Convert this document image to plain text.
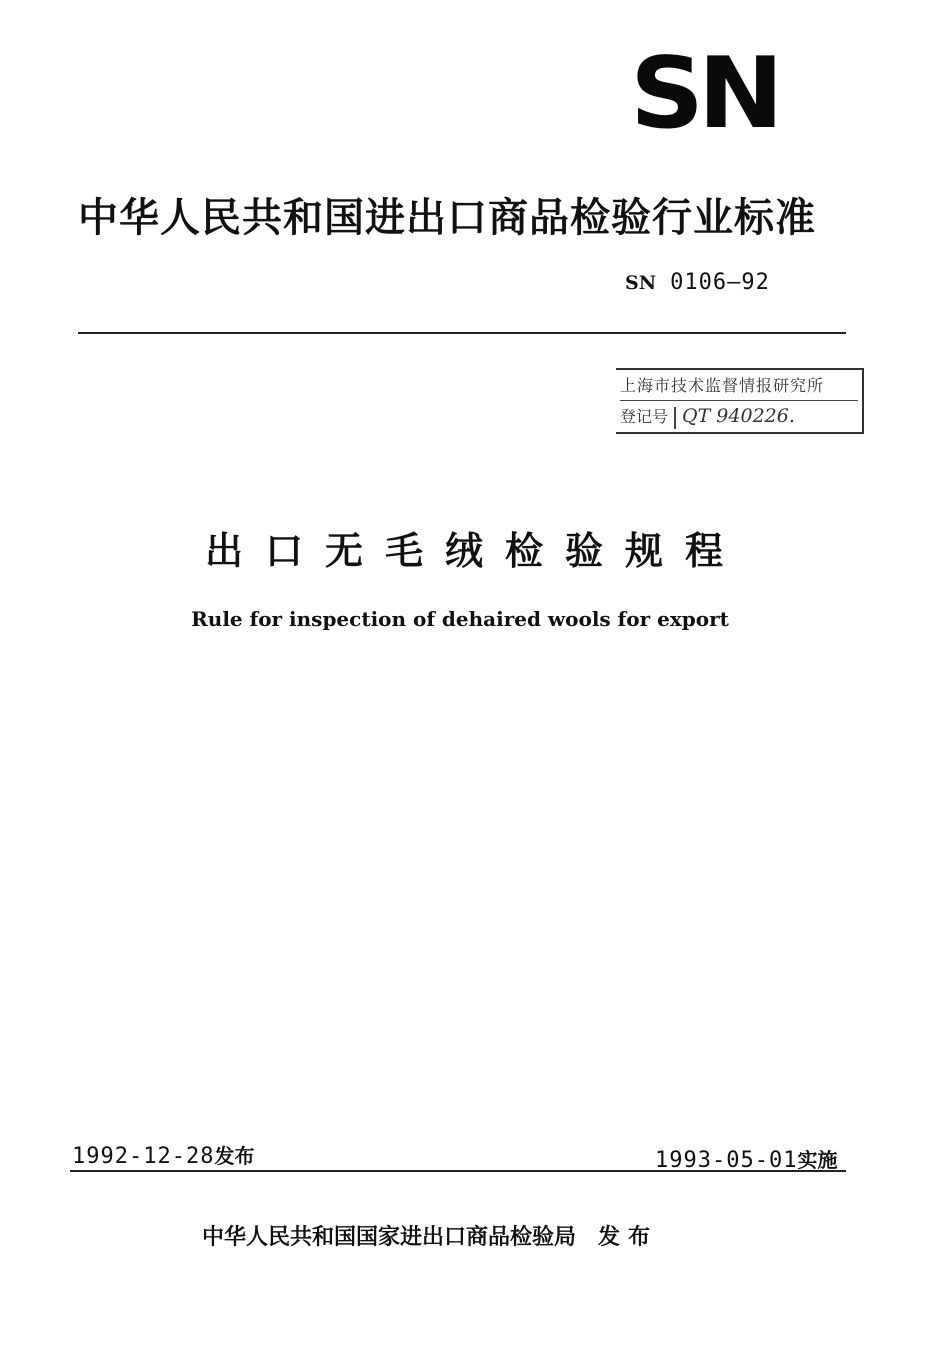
SN
中华人民共和国进出口商品检验行业标准
SN 0106—92
上海市技术监督情报研究所
登记号 QT 940226.
出口无毛绒检验规程
Rule for inspection of dehaired wools for export
1992-12-28发布	1993-05-01实施
中华人民共和国国家进出口商品检验局 发布
